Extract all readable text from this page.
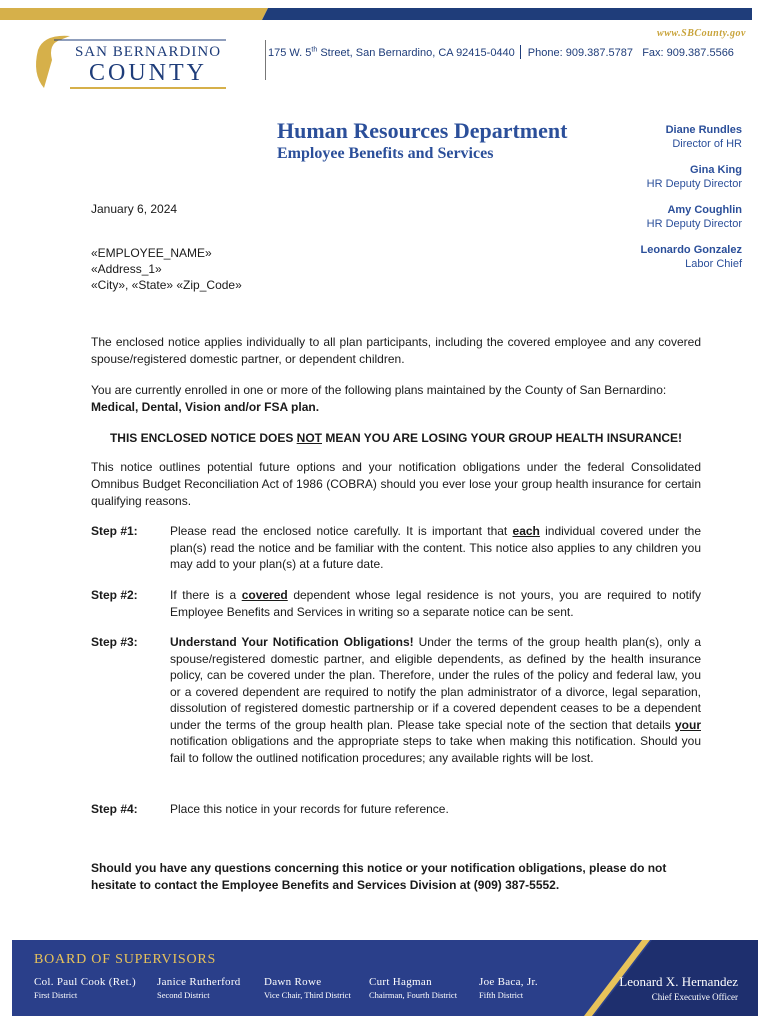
www.SBCounty.gov
SAN BERNARDINO
COUNTY
175 W. 5th Street, San Bernardino, CA 92415-0440 Phone: 909.387.5787 Fax: 909.387.5566
Human Resources Department
Employee Benefits and Services
Diane Rundles
Director of HR
Gina King
HR Deputy Director
Amy Coughlin
HR Deputy Director
Leonardo Gonzalez
Labor Chief
January 6, 2024
«EMPLOYEE_NAME»
«Address_1»
«City», «State» «Zip_Code»
The enclosed notice applies individually to all plan participants, including the covered employee and any covered spouse/registered domestic partner, or dependent children.
You are currently enrolled in one or more of the following plans maintained by the County of San Bernardino:
Medical, Dental, Vision and/or FSA plan.
THIS ENCLOSED NOTICE DOES NOT MEAN YOU ARE LOSING YOUR GROUP HEALTH INSURANCE!
This notice outlines potential future options and your notification obligations under the federal Consolidated Omnibus Budget Reconciliation Act of 1986 (COBRA) should you ever lose your group health insurance for certain qualifying reasons.
Step #1:	Please read the enclosed notice carefully. It is important that each individual covered under the plan(s) read the notice and be familiar with the content. This notice also applies to any children you may add to your plan(s) at a future date.
Step #2:	If there is a covered dependent whose legal residence is not yours, you are required to notify Employee Benefits and Services in writing so a separate notice can be sent.
Step #3:	Understand Your Notification Obligations! Under the terms of the group health plan(s), only a spouse/registered domestic partner, and eligible dependents, as defined by the health insurance policy, can be covered under the plan. Therefore, under the rules of the policy and federal law, you or a covered dependent are required to notify the plan administrator of a divorce, legal separation, dissolution of registered domestic partnership or if a covered dependent ceases to be a dependent under the terms of the group health plan. Please take special note of the section that details your notification obligations and the appropriate steps to take when making this notification. Should you fail to follow the outlined notification procedures; any available rights will be lost.
Step #4:	Place this notice in your records for future reference.
Should you have any questions concerning this notice or your notification obligations, please do not hesitate to contact the Employee Benefits and Services Division at (909) 387-5552.
BOARD OF SUPERVISORS
Col. Paul Cook (Ret.)
First District
Janice Rutherford
Second District
Dawn Rowe
Vice Chair, Third District
Curt Hagman
Chairman, Fourth District
Joe Baca, Jr.
Fifth District
Leonard X. Hernandez
Chief Executive Officer
